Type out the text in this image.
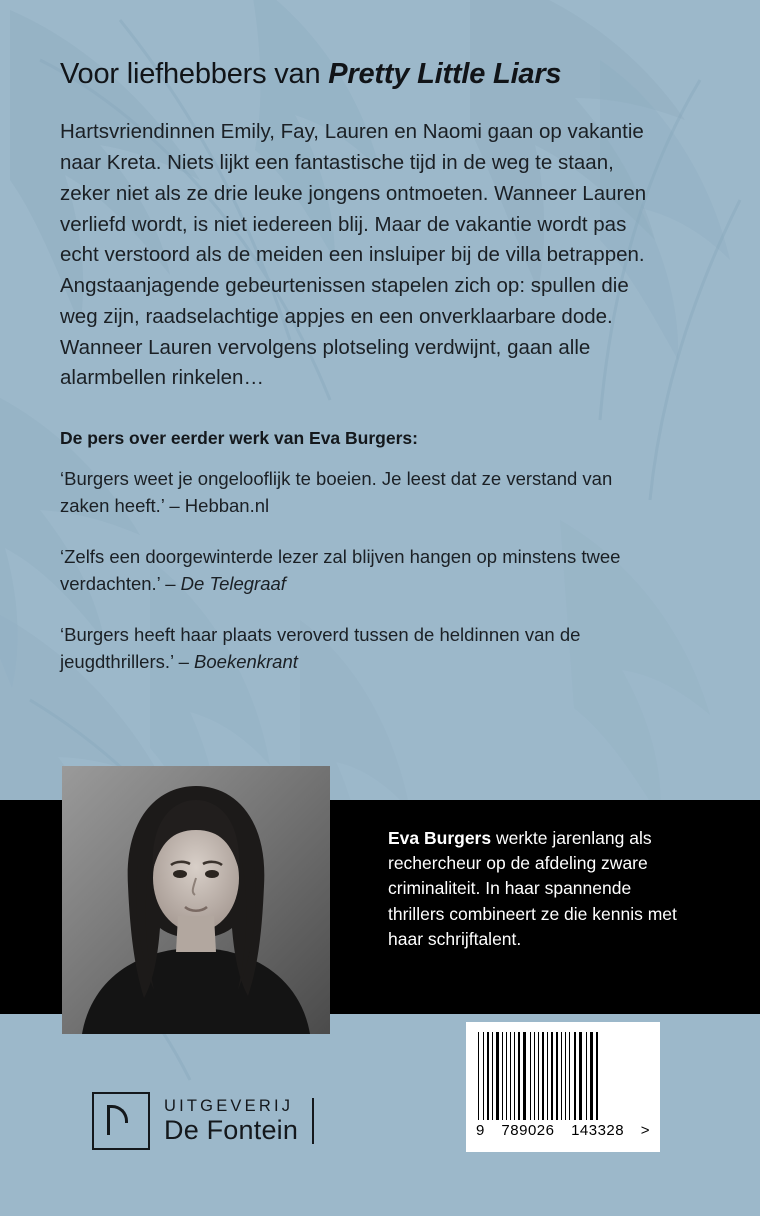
Voor liefhebbers van Pretty Little Liars

Hartsvriendinnen Emily, Fay, Lauren en Naomi gaan op vakantie naar Kreta. Niets lijkt een fantastische tijd in de weg te staan, zeker niet als ze drie leuke jongens ontmoeten. Wanneer Lauren verliefd wordt, is niet iedereen blij. Maar de vakantie wordt pas echt verstoord als de meiden een insluiper bij de villa betrappen. Angstaanjagende gebeurtenissen stapelen zich op: spullen die weg zijn, raadselachtige appjes en een onverklaarbare dode. Wanneer Lauren vervolgens plotseling verdwijnt, gaan alle alarmbellen rinkelen…

De pers over eerder werk van Eva Burgers:

‘Burgers weet je ongelooflijk te boeien. Je leest dat ze verstand van zaken heeft.’ – Hebban.nl

‘Zelfs een doorgewinterde lezer zal blijven hangen op minstens twee verdachten.’ – De Telegraaf

‘Burgers heeft haar plaats veroverd tussen de heldinnen van de jeugdthrillers.’ – Boekenkrant

Eva Burgers werkte jarenlang als rechercheur op de afdeling zware criminaliteit. In haar spannende thrillers combineert ze die kennis met haar schrijftalent.
UITGEVERIJ
De Fontein	9 789026 143328 >
